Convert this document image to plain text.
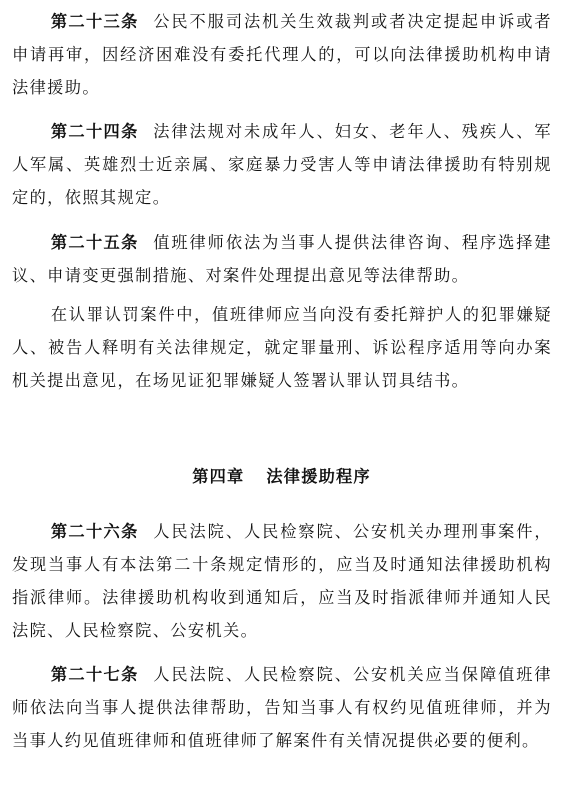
第二十三条 公民不服司法机关生效裁判或者决定提起申诉或者申请再审，因经济困难没有委托代理人的，可以向法律援助机构申请法律援助。

第二十四条 法律法规对未成年人、妇女、老年人、残疾人、军人军属、英雄烈士近亲属、家庭暴力受害人等申请法律援助有特别规定的，依照其规定。

第二十五条 值班律师依法为当事人提供法律咨询、程序选择建议、申请变更强制措施、对案件处理提出意见等法律帮助。

在认罪认罚案件中，值班律师应当向没有委托辩护人的犯罪嫌疑人、被告人释明有关法律规定，就定罪量刑、诉讼程序适用等向办案机关提出意见，在场见证犯罪嫌疑人签署认罪认罚具结书。

第四章 法律援助程序

第二十六条 人民法院、人民检察院、公安机关办理刑事案件，发现当事人有本法第二十条规定情形的，应当及时通知法律援助机构指派律师。法律援助机构收到通知后，应当及时指派律师并通知人民法院、人民检察院、公安机关。

第二十七条 人民法院、人民检察院、公安机关应当保障值班律师依法向当事人提供法律帮助，告知当事人有权约见值班律师，并为当事人约见值班律师和值班律师了解案件有关情况提供必要的便利。
